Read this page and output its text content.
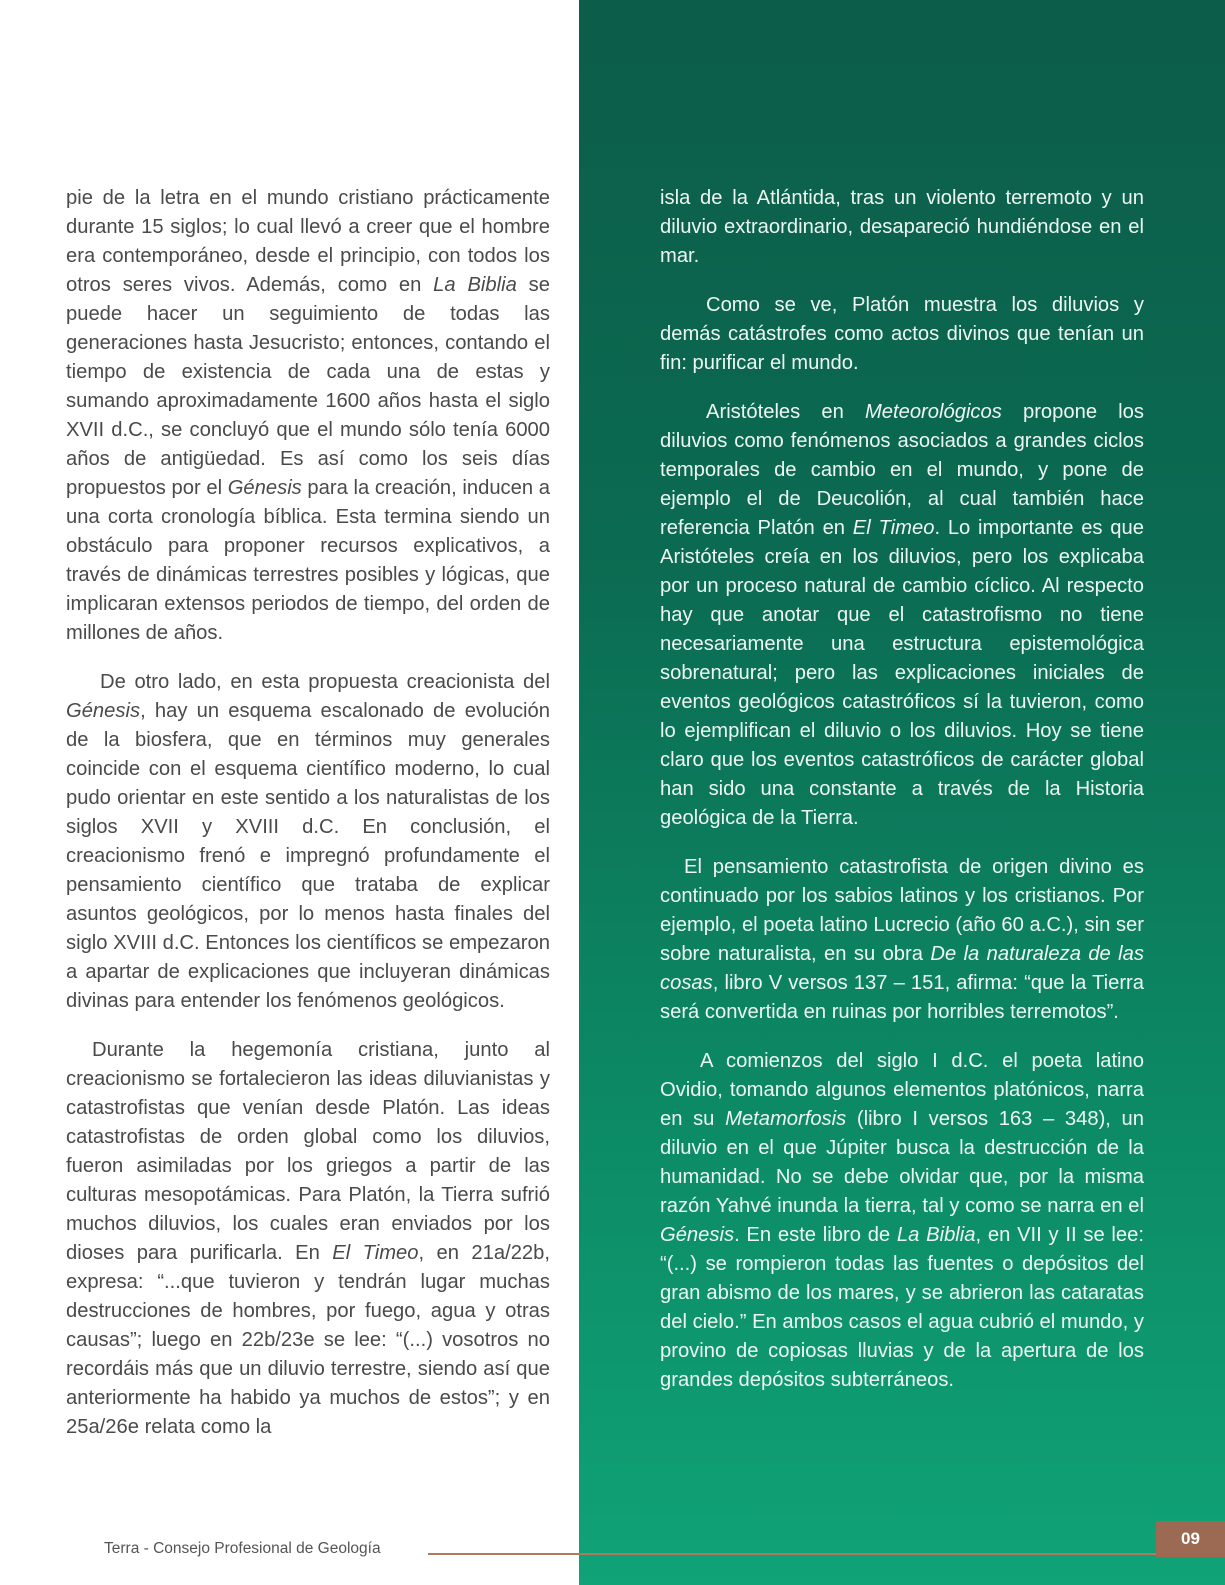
pie de la letra en el mundo cristiano prácticamente durante 15 siglos; lo cual llevó a creer que el hombre era contemporáneo, desde el principio, con todos los otros seres vivos. Además, como en La Biblia se puede hacer un seguimiento de todas las generaciones hasta Jesucristo; entonces, contando el tiempo de existencia de cada una de estas y sumando aproximadamente 1600 años hasta el siglo XVII d.C., se concluyó que el mundo sólo tenía 6000 años de antigüedad. Es así como los seis días propuestos por el Génesis para la creación, inducen a una corta cronología bíblica. Esta termina siendo un obstáculo para proponer recursos explicativos, a través de dinámicas terrestres posibles y lógicas, que implicaran extensos periodos de tiempo, del orden de millones de años.

De otro lado, en esta propuesta creacionista del Génesis, hay un esquema escalonado de evolución de la biosfera, que en términos muy generales coincide con el esquema científico moderno, lo cual pudo orientar en este sentido a los naturalistas de los siglos XVII y XVIII d.C. En conclusión, el creacionismo frenó e impregnó profundamente el pensamiento científico que trataba de explicar asuntos geológicos, por lo menos hasta finales del siglo XVIII d.C. Entonces los científicos se empezaron a apartar de explicaciones que incluyeran dinámicas divinas para entender los fenómenos geológicos.

Durante la hegemonía cristiana, junto al creacionismo se fortalecieron las ideas diluvianistas y catastrofistas que venían desde Platón. Las ideas catastrofistas de orden global como los diluvios, fueron asimiladas por los griegos a partir de las culturas mesopotámicas. Para Platón, la Tierra sufrió muchos diluvios, los cuales eran enviados por los dioses para purificarla. En El Timeo, en 21a/22b, expresa: “...que tuvieron y tendrán lugar muchas destrucciones de hombres, por fuego, agua y otras causas”; luego en 22b/23e se lee: “(...) vosotros no recordáis más que un diluvio terrestre, siendo así que anteriormente ha habido ya muchos de estos”; y en 25a/26e relata como la

isla de la Atlántida, tras un violento terremoto y un diluvio extraordinario, desapareció hundiéndose en el mar.

Como se ve, Platón muestra los diluvios y demás catástrofes como actos divinos que tenían un fin: purificar el mundo.

Aristóteles en Meteorológicos propone los diluvios como fenómenos asociados a grandes ciclos temporales de cambio en el mundo, y pone de ejemplo el de Deucolión, al cual también hace referencia Platón en El Timeo. Lo importante es que Aristóteles creía en los diluvios, pero los explicaba por un proceso natural de cambio cíclico. Al respecto hay que anotar que el catastrofismo no tiene necesariamente una estructura epistemológica sobrenatural; pero las explicaciones iniciales de eventos geológicos catastróficos sí la tuvieron, como lo ejemplifican el diluvio o los diluvios. Hoy se tiene claro que los eventos catastróficos de carácter global han sido una constante a través de la Historia geológica de la Tierra.

El pensamiento catastrofista de origen divino es continuado por los sabios latinos y los cristianos. Por ejemplo, el poeta latino Lucrecio (año 60 a.C.), sin ser sobre naturalista, en su obra De la naturaleza de las cosas, libro V versos 137 – 151, afirma: “que la Tierra será convertida en ruinas por horribles terremotos”.

A comienzos del siglo I d.C. el poeta latino Ovidio, tomando algunos elementos platónicos, narra en su Metamorfosis (libro I versos 163 – 348), un diluvio en el que Júpiter busca la destrucción de la humanidad. No se debe olvidar que, por la misma razón Yahvé inunda la tierra, tal y como se narra en el Génesis. En este libro de La Biblia, en VII y II se lee: “(...) se rompieron todas las fuentes o depósitos del gran abismo de los mares, y se abrieron las cataratas del cielo.” En ambos casos el agua cubrió el mundo, y provino de copiosas lluvias y de la apertura de los grandes depósitos subterráneos.

Terra - Consejo Profesional de Geología
09
